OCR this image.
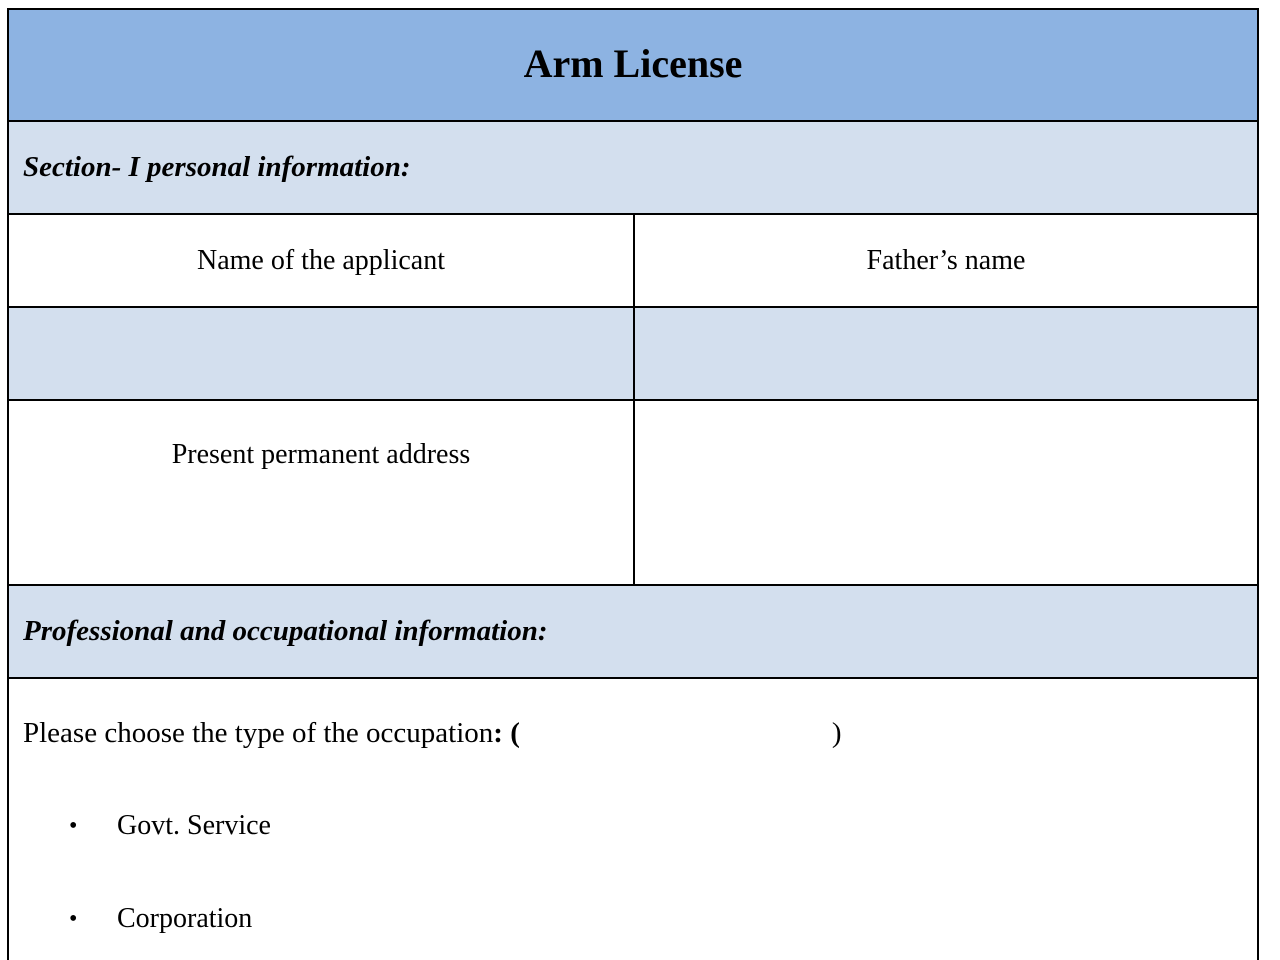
Arm License
Section- I personal information:
Name of the applicant	Father’s name
Present permanent address
Professional and occupational information:
Please choose the type of the occupation: (	)
• Govt. Service
• Corporation
